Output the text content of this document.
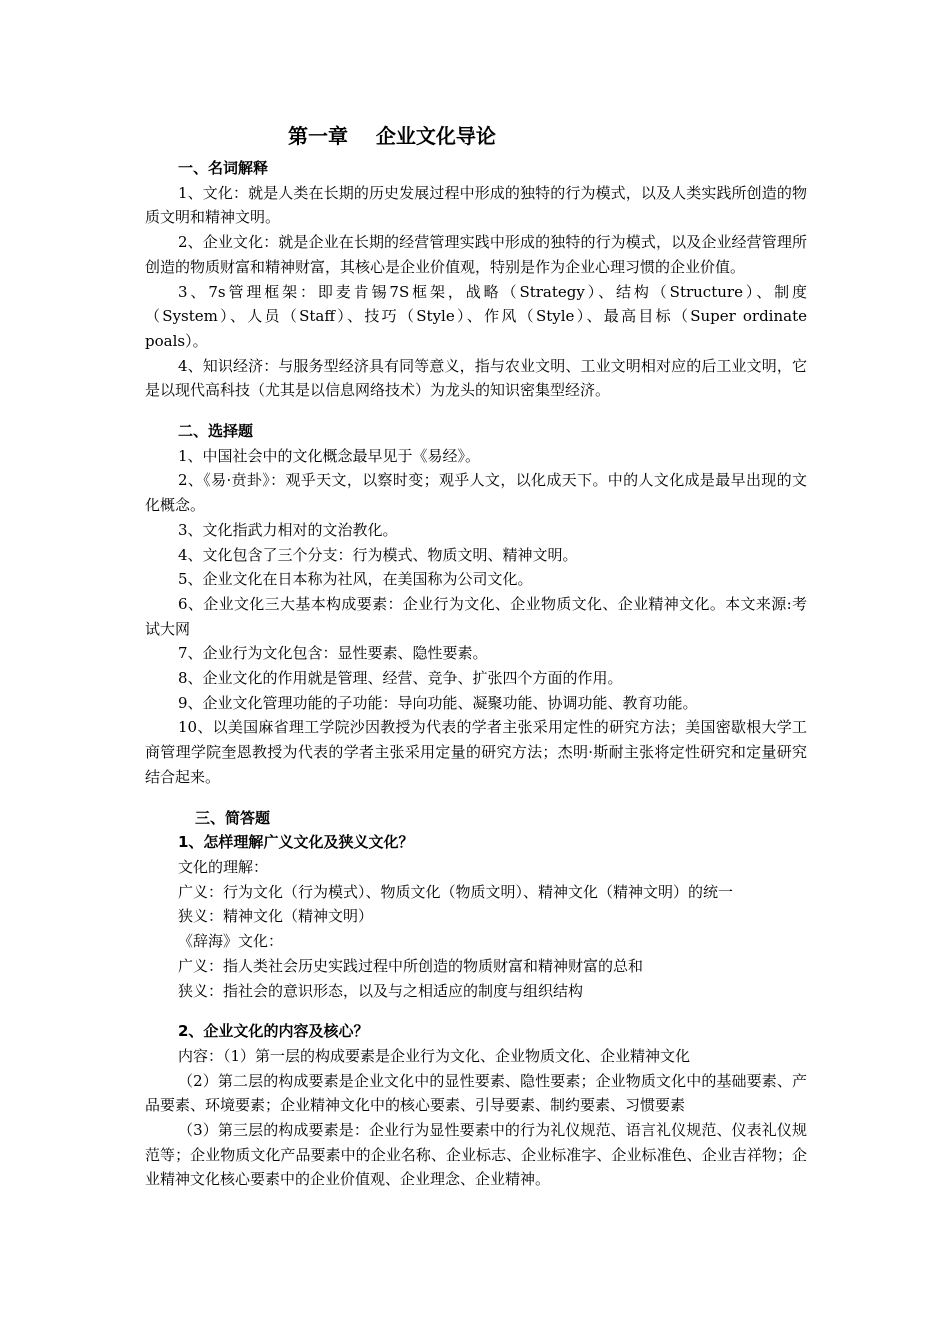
第一章    企业文化导论
一、名词解释
1、文化：就是人类在长期的历史发展过程中形成的独特的行为模式，以及人类实践所创造的物质文明和精神文明。
2、企业文化：就是企业在长期的经营管理实践中形成的独特的行为模式，以及企业经营管理所创造的物质财富和精神财富，其核心是企业价值观，特别是作为企业心理习惯的企业价值。
3、7s管理框架：即麦肯锡7S框架，战略（Strategy）、结构（Structure）、制度（System）、人员（Staff）、技巧（Style）、作风（Style）、最高目标（Super ordinate poals）。
4、知识经济：与服务型经济具有同等意义，指与农业文明、工业文明相对应的后工业文明，它是以现代高科技（尤其是以信息网络技术）为龙头的知识密集型经济。
二、选择题
1、中国社会中的文化概念最早见于《易经》。
2、《易·贲卦》：观乎天文，以察时变；观乎人文，以化成天下。中的人文化成是最早出现的文化概念。
3、文化指武力相对的文治教化。
4、文化包含了三个分支：行为模式、物质文明、精神文明。
5、企业文化在日本称为社风，在美国称为公司文化。
6、企业文化三大基本构成要素：企业行为文化、企业物质文化、企业精神文化。本文来源:考试大网
7、企业行为文化包含：显性要素、隐性要素。
8、企业文化的作用就是管理、经营、竞争、扩张四个方面的作用。
9、企业文化管理功能的子功能：导向功能、凝聚功能、协调功能、教育功能。
10、以美国麻省理工学院沙因教授为代表的学者主张采用定性的研究方法；美国密歇根大学工商管理学院奎恩教授为代表的学者主张采用定量的研究方法；杰明·斯耐主张将定性研究和定量研究结合起来。
三、简答题
1、怎样理解广义文化及狭义文化？
文化的理解：
广义：行为文化（行为模式）、物质文化（物质文明）、精神文化（精神文明）的统一
狭义：精神文化（精神文明）
《辞海》文化：
广义：指人类社会历史实践过程中所创造的物质财富和精神财富的总和
狭义：指社会的意识形态，以及与之相适应的制度与组织结构
2、企业文化的内容及核心？
内容：（1）第一层的构成要素是企业行为文化、企业物质文化、企业精神文化
（2）第二层的构成要素是企业文化中的显性要素、隐性要素；企业物质文化中的基础要素、产品要素、环境要素；企业精神文化中的核心要素、引导要素、制约要素、习惯要素
（3）第三层的构成要素是：企业行为显性要素中的行为礼仪规范、语言礼仪规范、仪表礼仪规范等；企业物质文化产品要素中的企业名称、企业标志、企业标准字、企业标准色、企业吉祥物；企业精神文化核心要素中的企业价值观、企业理念、企业精神。
